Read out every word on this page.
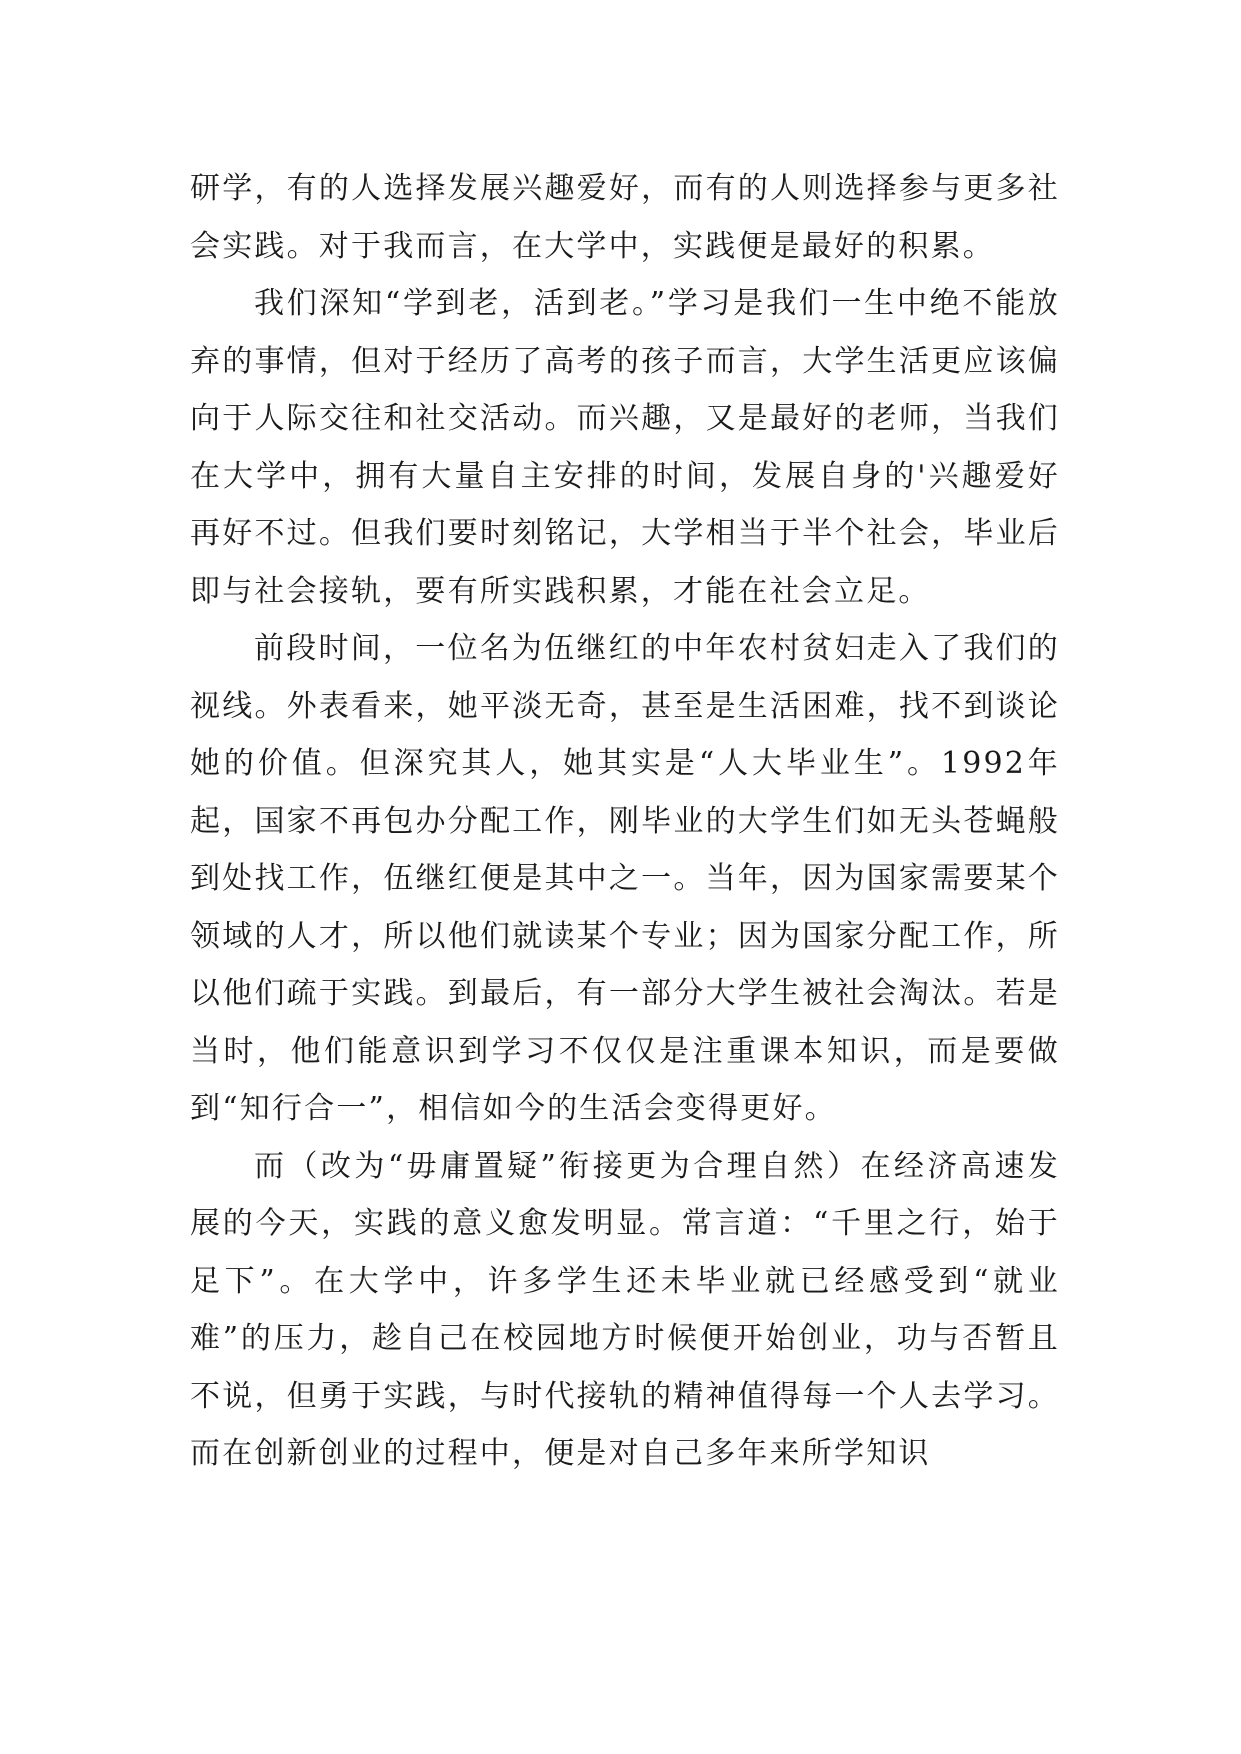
研学，有的人选择发展兴趣爱好，而有的人则选择参与更多社会实践。对于我而言，在大学中，实践便是最好的积累。

我们深知“学到老，活到老。”学习是我们一生中绝不能放弃的事情，但对于经历了高考的孩子而言，大学生活更应该偏向于人际交往和社交活动。而兴趣，又是最好的老师，当我们在大学中，拥有大量自主安排的时间，发展自身的'兴趣爱好再好不过。但我们要时刻铭记，大学相当于半个社会，毕业后即与社会接轨，要有所实践积累，才能在社会立足。

前段时间，一位名为伍继红的中年农村贫妇走入了我们的视线。外表看来，她平淡无奇，甚至是生活困难，找不到谈论她的价值。但深究其人，她其实是“人大毕业生”。1992年起，国家不再包办分配工作，刚毕业的大学生们如无头苍蝇般到处找工作，伍继红便是其中之一。当年，因为国家需要某个领域的人才，所以他们就读某个专业；因为国家分配工作，所以他们疏于实践。到最后，有一部分大学生被社会淘汰。若是当时，他们能意识到学习不仅仅是注重课本知识，而是要做到“知行合一”，相信如今的生活会变得更好。

而（改为“毋庸置疑”衔接更为合理自然）在经济高速发展的今天，实践的意义愈发明显。常言道：“千里之行，始于足下”。在大学中，许多学生还未毕业就已经感受到“就业难”的压力，趁自己在校园地方时候便开始创业，功与否暂且不说，但勇于实践，与时代接轨的精神值得每一个人去学习。而在创新创业的过程中，便是对自己多年来所学知识
